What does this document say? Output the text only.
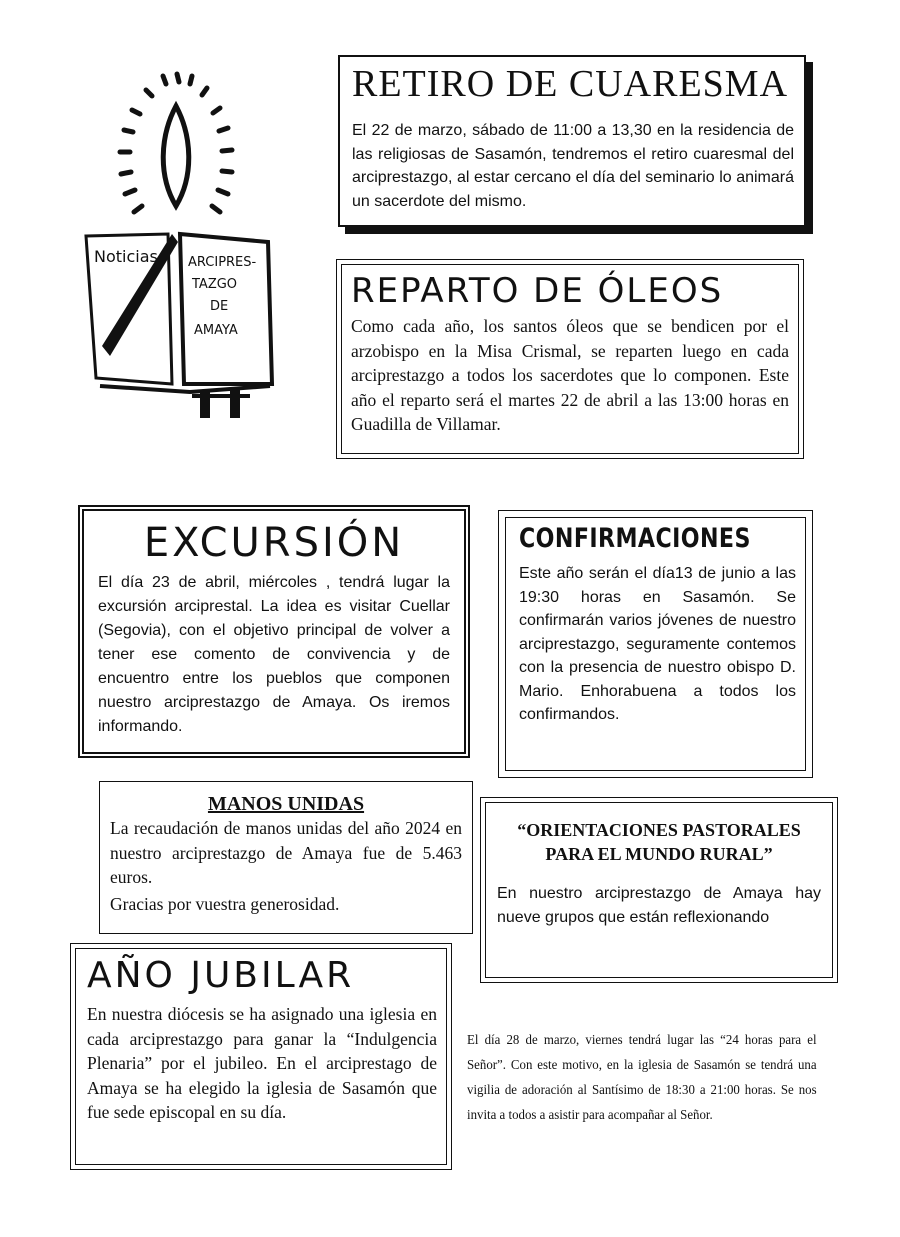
Noticias ARCIPRES-
TAZGO
DE
AMAYA
RETIRO DE CUARESMA

El 22 de marzo, sábado de 11:00 a 13,30 en la residencia de las religiosas de Sasamón, tendremos el retiro cuaresmal del arciprestazgo, al estar cercano el día del seminario lo animará un sacerdote del mismo.

REPARTO DE ÓLEOS

Como cada año, los santos óleos que se bendicen por el arzobispo en la Misa Crismal, se reparten luego en cada arciprestazgo a todos los sacerdotes que lo componen. Este año el reparto será el martes 22 de abril a las 13:00 horas en Guadilla de Villamar.

EXCURSIÓN

El día 23 de abril, miércoles , tendrá lugar la excursión arciprestal. La idea es visitar Cuellar (Segovia), con el objetivo principal de volver a tener ese comento de convivencia y de encuentro entre los pueblos que componen nuestro arciprestazgo de Amaya. Os iremos informando.

CONFIRMACIONES

Este año serán el día13 de junio a las 19:30 horas en Sasamón. Se confirmarán varios jóvenes de nuestro arciprestazgo, seguramente contemos con la presencia de nuestro obispo D. Mario. Enhorabuena a todos los confirmandos.

MANOS UNIDAS

La recaudación de manos unidas del año 2024 en nuestro arciprestazgo de Amaya fue de 5.463 euros.

Gracias por vuestra generosidad.

“ORIENTACIONES PASTORALES PARA EL MUNDO RURAL”

En nuestro arciprestazgo de Amaya hay nueve grupos que están reflexionando

AÑO JUBILAR

En nuestra diócesis se ha asignado una iglesia en cada arciprestazgo para ganar la “Indulgencia Plenaria” por el jubileo. En el arciprestago de Amaya se ha elegido la iglesia de Sasamón que fue sede episcopal en su día.

El día 28 de marzo, viernes tendrá lugar las “24 horas para el Señor”. Con este motivo, en la iglesia de Sasamón se tendrá una vigilia de adoración al Santísimo de 18:30 a 21:00 horas. Se nos invita a todos a asistir para acompañar al Señor.
